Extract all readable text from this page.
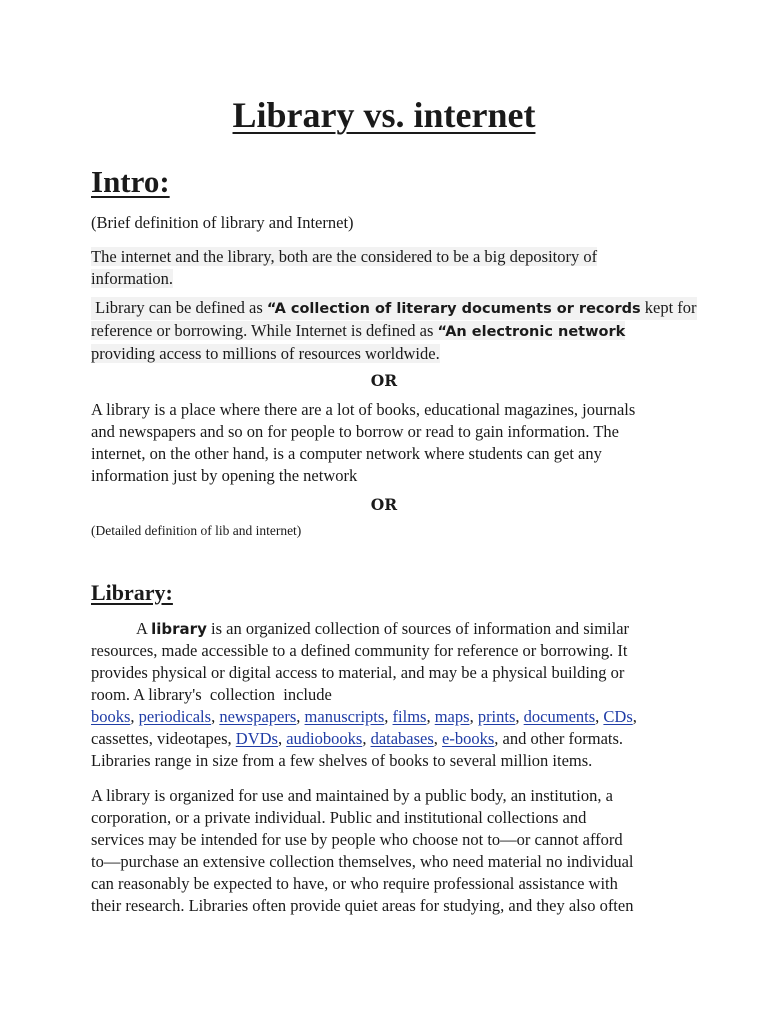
Library vs. internet
Intro:
(Brief definition of library and Internet)
The internet and the library, both are the considered to be a big depository of
information.
Library can be defined as “A collection of literary documents or records kept for
reference or borrowing. While Internet is defined as “An electronic network
providing access to millions of resources worldwide.
OR
A library is a place where there are a lot of books, educational magazines, journals
and newspapers and so on for people to borrow or read to gain information. The
internet, on the other hand, is a computer network where students can get any
information just by opening the network
OR
(Detailed definition of lib and internet)
Library:
A library is an organized collection of sources of information and similar
resources, made accessible to a defined community for reference or borrowing. It
provides physical or digital access to material, and may be a physical building or
room. A library's  collection  include
books, periodicals, newspapers, manuscripts, films, maps, prints, documents, CDs,
cassettes, videotapes, DVDs, audiobooks, databases, e-books, and other formats.
Libraries range in size from a few shelves of books to several million items.
A library is organized for use and maintained by a public body, an institution, a
corporation, or a private individual. Public and institutional collections and
services may be intended for use by people who choose not to—or cannot afford
to—purchase an extensive collection themselves, who need material no individual
can reasonably be expected to have, or who require professional assistance with
their research. Libraries often provide quiet areas for studying, and they also often
